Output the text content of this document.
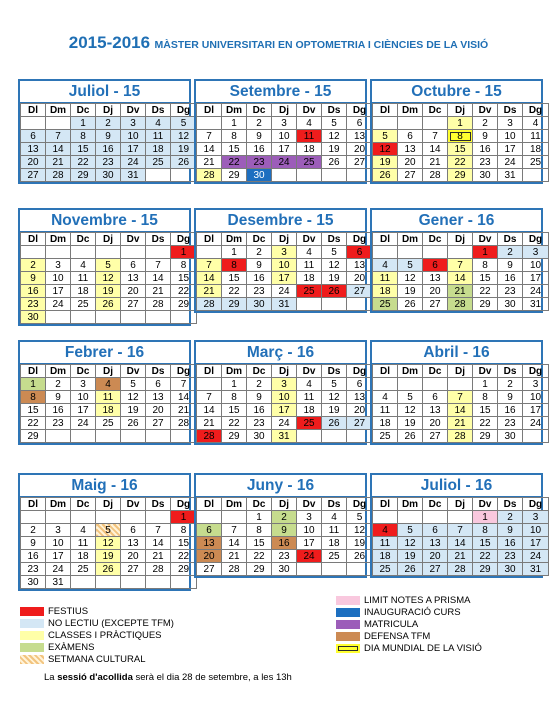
2015-2016 MÀSTER UNIVERSITARI EN OPTOMETRIA I CIÈNCIES DE LA VISIÓ
Juliol - 15
Dl	Dm	Dc	Dj	Dv	Ds	Dg
		1	2	3	4	5
6	7	8	9	10	11	12
13	14	15	16	17	18	19
20	21	22	23	24	25	26
27	28	29	30	31		
Setembre - 15
Dl	Dm	Dc	Dj	Dv	Ds	Dg
	1	2	3	4	5	6
7	8	9	10	11	12	13
14	15	16	17	18	19	20
21	22	23	24	25	26	27
28	29	30				
Octubre - 15
Dl	Dm	Dc	Dj	Dv	Ds	Dg
			1	2	3	4
5	6	7	8	9	10	11
12	13	14	15	16	17	18
19	20	21	22	23	24	25
26	27	28	29	30	31	
Novembre - 15
Dl	Dm	Dc	Dj	Dv	Ds	Dg
						1
2	3	4	5	6	7	8
9	10	11	12	13	14	15
16	17	18	19	20	21	22
23	24	25	26	27	28	29
30						
Desembre - 15
Dl	Dm	Dc	Dj	Dv	Ds	Dg
	1	2	3	4	5	6
7	8	9	10	11	12	13
14	15	16	17	18	19	20
21	22	23	24	25	26	27
28	29	30	31			
Gener - 16
Dl	Dm	Dc	Dj	Dv	Ds	Dg
				1	2	3
4	5	6	7	8	9	10
11	12	13	14	15	16	17
18	19	20	21	22	23	24
25	26	27	28	29	30	31
Febrer - 16
Dl	Dm	Dc	Dj	Dv	Ds	Dg
1	2	3	4	5	6	7
8	9	10	11	12	13	14
15	16	17	18	19	20	21
22	23	24	25	26	27	28
29						
Març - 16
Dl	Dm	Dc	Dj	Dv	Ds	Dg
	1	2	3	4	5	6
7	8	9	10	11	12	13
14	15	16	17	18	19	20
21	22	23	24	25	26	27
28	29	30	31			
Abril - 16
Dl	Dm	Dc	Dj	Dv	Ds	Dg
				1	2	3
4	5	6	7	8	9	10
11	12	13	14	15	16	17
18	19	20	21	22	23	24
25	26	27	28	29	30	
Maig - 16
Dl	Dm	Dc	Dj	Dv	Ds	Dg
						1
2	3	4	5	6	7	8
9	10	11	12	13	14	15
16	17	18	19	20	21	22
23	24	25	26	27	28	29
30	31					
Juny - 16
Dl	Dm	Dc	Dj	Dv	Ds	Dg
		1	2	3	4	5
6	7	8	9	10	11	12
13	14	15	16	17	18	19
20	21	22	23	24	25	26
27	28	29	30			
Juliol - 16
Dl	Dm	Dc	Dj	Dv	Ds	Dg
				1	2	3
4	5	6	7	8	9	10
11	12	13	14	15	16	17
18	19	20	21	22	23	24
25	26	27	28	29	30	31
FESTIUS
NO LECTIU (EXCEPTE TFM)
CLASSES I PRÀCTIQUES
EXÀMENS
SETMANA CULTURAL
LIMIT NOTES A PRISMA
INAUGURACIÓ CURS
MATRICULA
DEFENSA TFM
DIA MUNDIAL DE LA VISIÓ
La sessió d'acollida serà el dia 28 de setembre, a les 13h
